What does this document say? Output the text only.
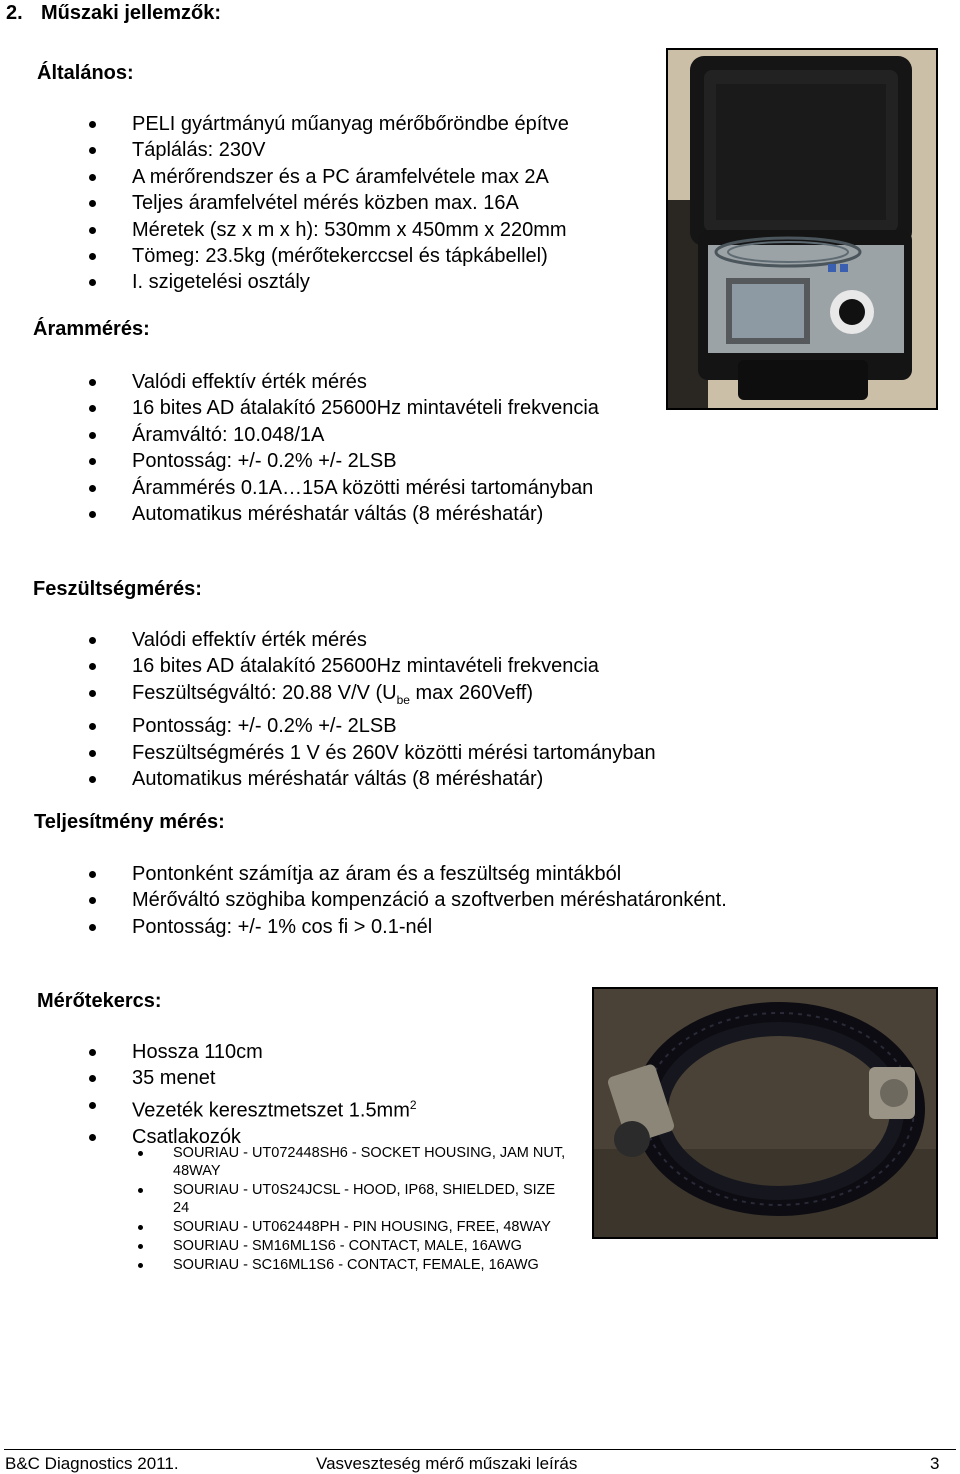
2. Műszaki jellemzők:
Általános:
PELI gyártmányú műanyag mérőbőröndbe építve
Táplálás: 230V
A mérőrendszer és a PC áramfelvétele max 2A
Teljes áramfelvétel mérés közben max. 16A
Méretek (sz x m x h): 530mm x 450mm x 220mm
Tömeg: 23.5kg (mérőtekerccsel és tápkábellel)
I. szigetelési osztály
Árammérés:
Valódi effektív érték mérés
16 bites AD átalakító 25600Hz mintavételi frekvencia
Áramváltó: 10.048/1A
Pontosság: +/- 0.2% +/- 2LSB
Árammérés 0.1A…15A közötti mérési tartományban
Automatikus méréshatár váltás (8 méréshatár)
Feszültségmérés:
Valódi effektív érték mérés
16 bites AD átalakító 25600Hz mintavételi frekvencia
Feszültségváltó: 20.88 V/V ($U_{be}$ max 260Veff)
Pontosság: +/- 0.2% +/- 2LSB
Feszültségmérés 1 V és 260V közötti mérési tartományban
Automatikus méréshatár váltás (8 méréshatár)
Teljesítmény mérés:
Pontonként számítja az áram és a feszültség mintákból
Mérőváltó szöghiba kompenzáció a szoftverben méréshatáronként.
Pontosság: +/- 1% cos fi > 0.1-nél
Mérőtekercs:
Hossza 110cm
35 menet
Vezeték keresztmetszet $1.5mm^2$
Csatlakozók
SOURIAU - UT072448SH6 - SOCKET HOUSING, JAM NUT, 48WAY
SOURIAU - UT0S24JCSL - HOOD, IP68, SHIELDED, SIZE 24
SOURIAU - UT062448PH - PIN HOUSING, FREE, 48WAY
SOURIAU - SM16ML1S6 - CONTACT, MALE, 16AWG
SOURIAU - SC16ML1S6 - CONTACT, FEMALE, 16AWG
B&C Diagnostics 2011.	Vasveszteség mérő műszaki leírás	3
